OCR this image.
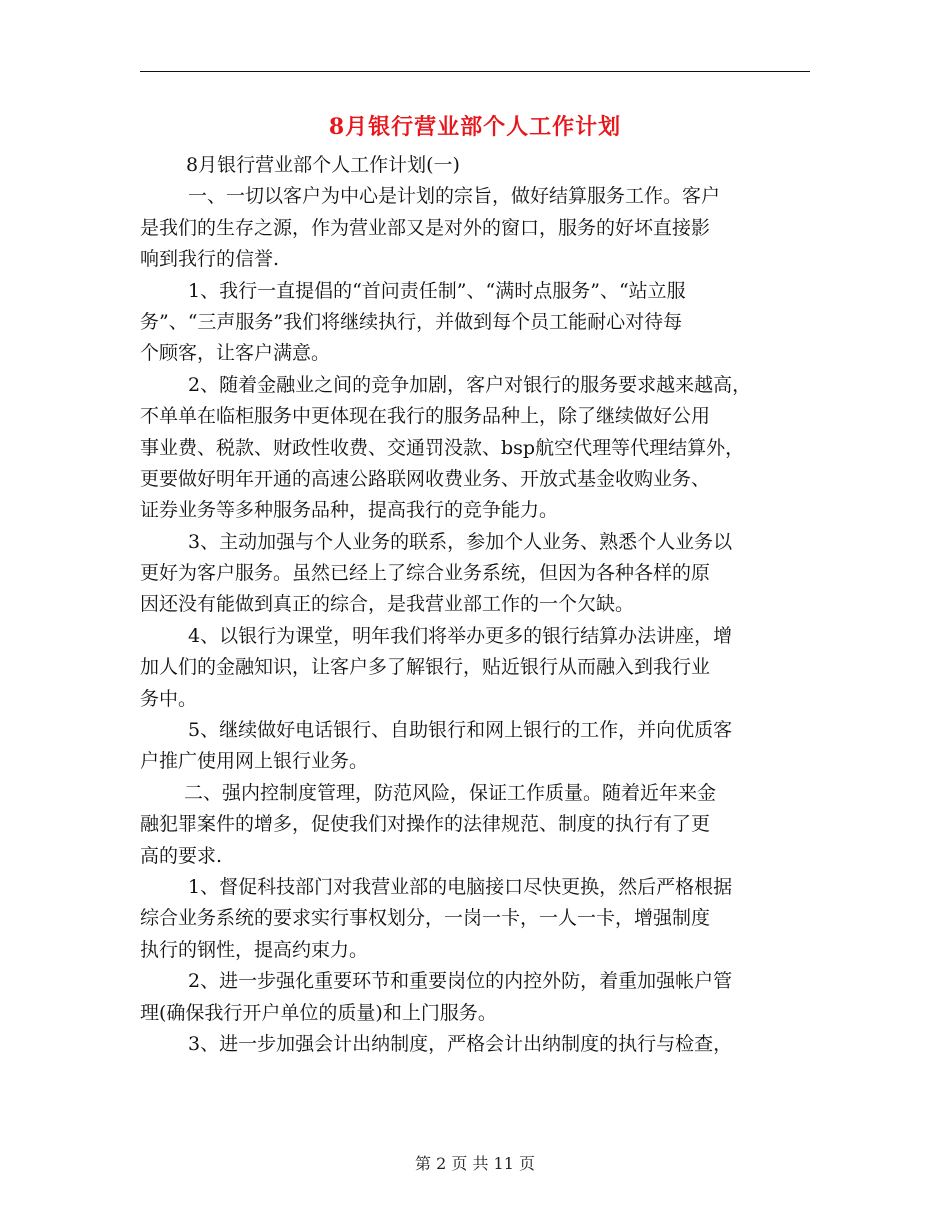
8月银行营业部个人工作计划
8月银行营业部个人工作计划(一)
一、一切以客户为中心是计划的宗旨，做好结算服务工作。客户
是我们的生存之源，作为营业部又是对外的窗口，服务的好坏直接影
响到我行的信誉.
1、我行一直提倡的“首问责任制”、“满时点服务”、“站立服
务”、“三声服务”我们将继续执行，并做到每个员工能耐心对待每
个顾客，让客户满意。
2、随着金融业之间的竞争加剧，客户对银行的服务要求越来越高，
不单单在临柜服务中更体现在我行的服务品种上，除了继续做好公用
事业费、税款、财政性收费、交通罚没款、bsp航空代理等代理结算外，
更要做好明年开通的高速公路联网收费业务、开放式基金收购业务、
证券业务等多种服务品种，提高我行的竞争能力。
3、主动加强与个人业务的联系，参加个人业务、熟悉个人业务以
更好为客户服务。虽然已经上了综合业务系统，但因为各种各样的原
因还没有能做到真正的综合，是我营业部工作的一个欠缺。
4、以银行为课堂，明年我们将举办更多的银行结算办法讲座，增
加人们的金融知识，让客户多了解银行，贴近银行从而融入到我行业
务中。
5、继续做好电话银行、自助银行和网上银行的工作，并向优质客
户推广使用网上银行业务。
二、强内控制度管理，防范风险，保证工作质量。随着近年来金
融犯罪案件的增多，促使我们对操作的法律规范、制度的执行有了更
高的要求.
1、督促科技部门对我营业部的电脑接口尽快更换，然后严格根据
综合业务系统的要求实行事权划分，一岗一卡，一人一卡，增强制度
执行的钢性，提高约束力。
2、进一步强化重要环节和重要岗位的内控外防，着重加强帐户管
理(确保我行开户单位的质量)和上门服务。
3、进一步加强会计出纳制度，严格会计出纳制度的执行与检查，
第 2 页 共 11 页
